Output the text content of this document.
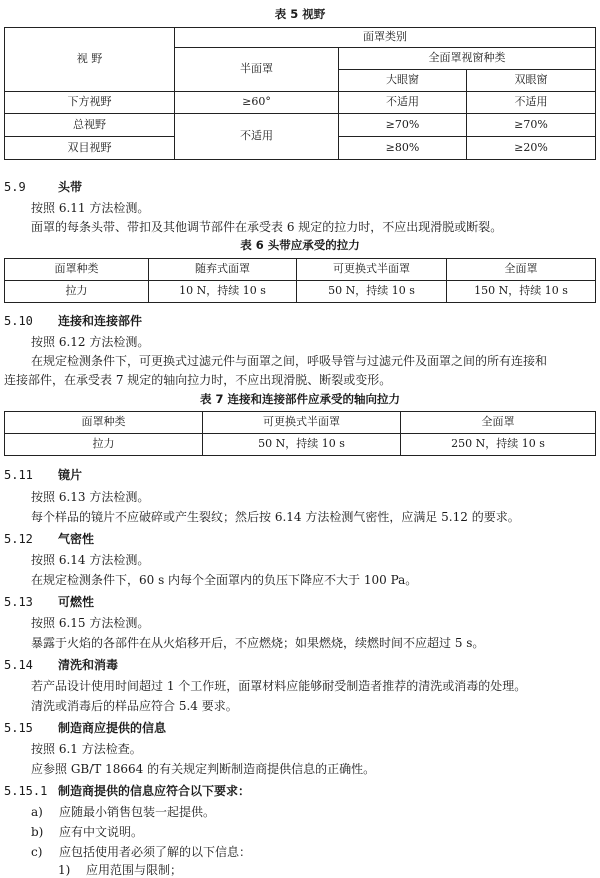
表 5 视野
视 野	面罩类别		
	半面罩	全面罩视窗种类	
		大眼窗	双眼窗
下方视野	≥60°	不适用	不适用
总视野	不适用	≥70%	≥70%
双目视野		≥80%	≥20%
5.9	头带
按照 6.11 方法检测。
面罩的每条头带、带扣及其他调节部件在承受表 6 规定的拉力时，不应出现滑脱或断裂。
表 6 头带应承受的拉力
面罩种类	随弃式面罩	可更换式半面罩	全面罩
拉力	10 N，持续 10 s	50 N，持续 10 s	150 N，持续 10 s
5.10 连接和连接部件
按照 6.12 方法检测。
在规定检测条件下，可更换式过滤元件与面罩之间，呼吸导管与过滤元件及面罩之间的所有连接和
连接部件，在承受表 7 规定的轴向拉力时，不应出现滑脱、断裂或变形。
表 7 连接和连接部件应承受的轴向拉力
面罩种类	可更换式半面罩	全面罩
拉力	50 N，持续 10 s	250 N，持续 10 s
5.11 镜片
按照 6.13 方法检测。
每个样品的镜片不应破碎或产生裂纹；然后按 6.14 方法检测气密性，应满足 5.12 的要求。
5.12 气密性
按照 6.14 方法检测。
在规定检测条件下，60 s 内每个全面罩内的负压下降应不大于 100 Pa。
5.13 可燃性
按照 6.15 方法检测。
暴露于火焰的各部件在从火焰移开后，不应燃烧；如果燃烧，续燃时间不应超过 5 s。
5.14 清洗和消毒
若产品设计使用时间超过 1 个工作班，面罩材料应能够耐受制造者推荐的清洗或消毒的处理。
清洗或消毒后的样品应符合 5.4 要求。
5.15 制造商应提供的信息
按照 6.1 方法检查。
应参照 GB/T 18664 的有关规定判断制造商提供信息的正确性。
5.15.1 制造商提供的信息应符合以下要求：
a) 应随最小销售包装一起提供。
b) 应有中文说明。
c) 应包括使用者必须了解的以下信息：
1) 应用范围与限制；
